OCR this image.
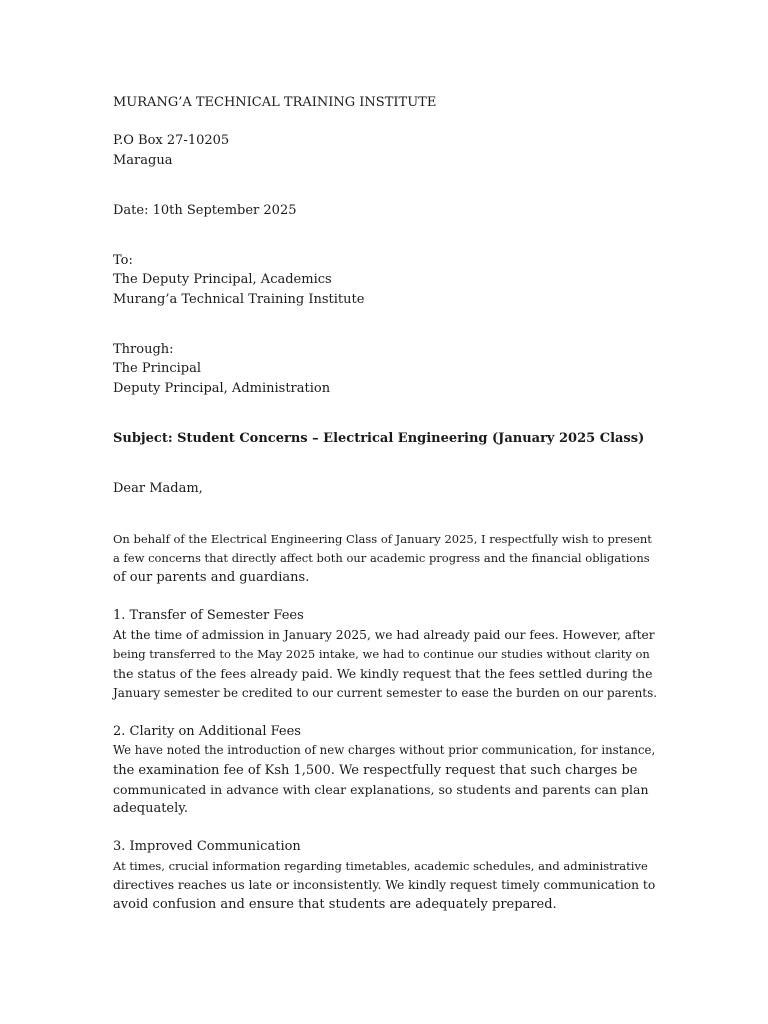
MURANG’A TECHNICAL TRAINING INSTITUTE
P.O Box 27-10205
Maragua
Date: 10th September 2025
To:
The Deputy Principal, Academics
Murang’a Technical Training Institute
Through:
The Principal
Deputy Principal, Administration
Subject: Student Concerns – Electrical Engineering (January 2025 Class)
Dear Madam,
On behalf of the Electrical Engineering Class of January 2025, I respectfully wish to present
a few concerns that directly affect both our academic progress and the financial obligations
of our parents and guardians.
1. Transfer of Semester Fees
At the time of admission in January 2025, we had already paid our fees. However, after
being transferred to the May 2025 intake, we had to continue our studies without clarity on
the status of the fees already paid. We kindly request that the fees settled during the
January semester be credited to our current semester to ease the burden on our parents.
2. Clarity on Additional Fees
We have noted the introduction of new charges without prior communication, for instance,
the examination fee of Ksh 1,500. We respectfully request that such charges be
communicated in advance with clear explanations, so students and parents can plan
adequately.
3. Improved Communication
At times, crucial information regarding timetables, academic schedules, and administrative
directives reaches us late or inconsistently. We kindly request timely communication to
avoid confusion and ensure that students are adequately prepared.
